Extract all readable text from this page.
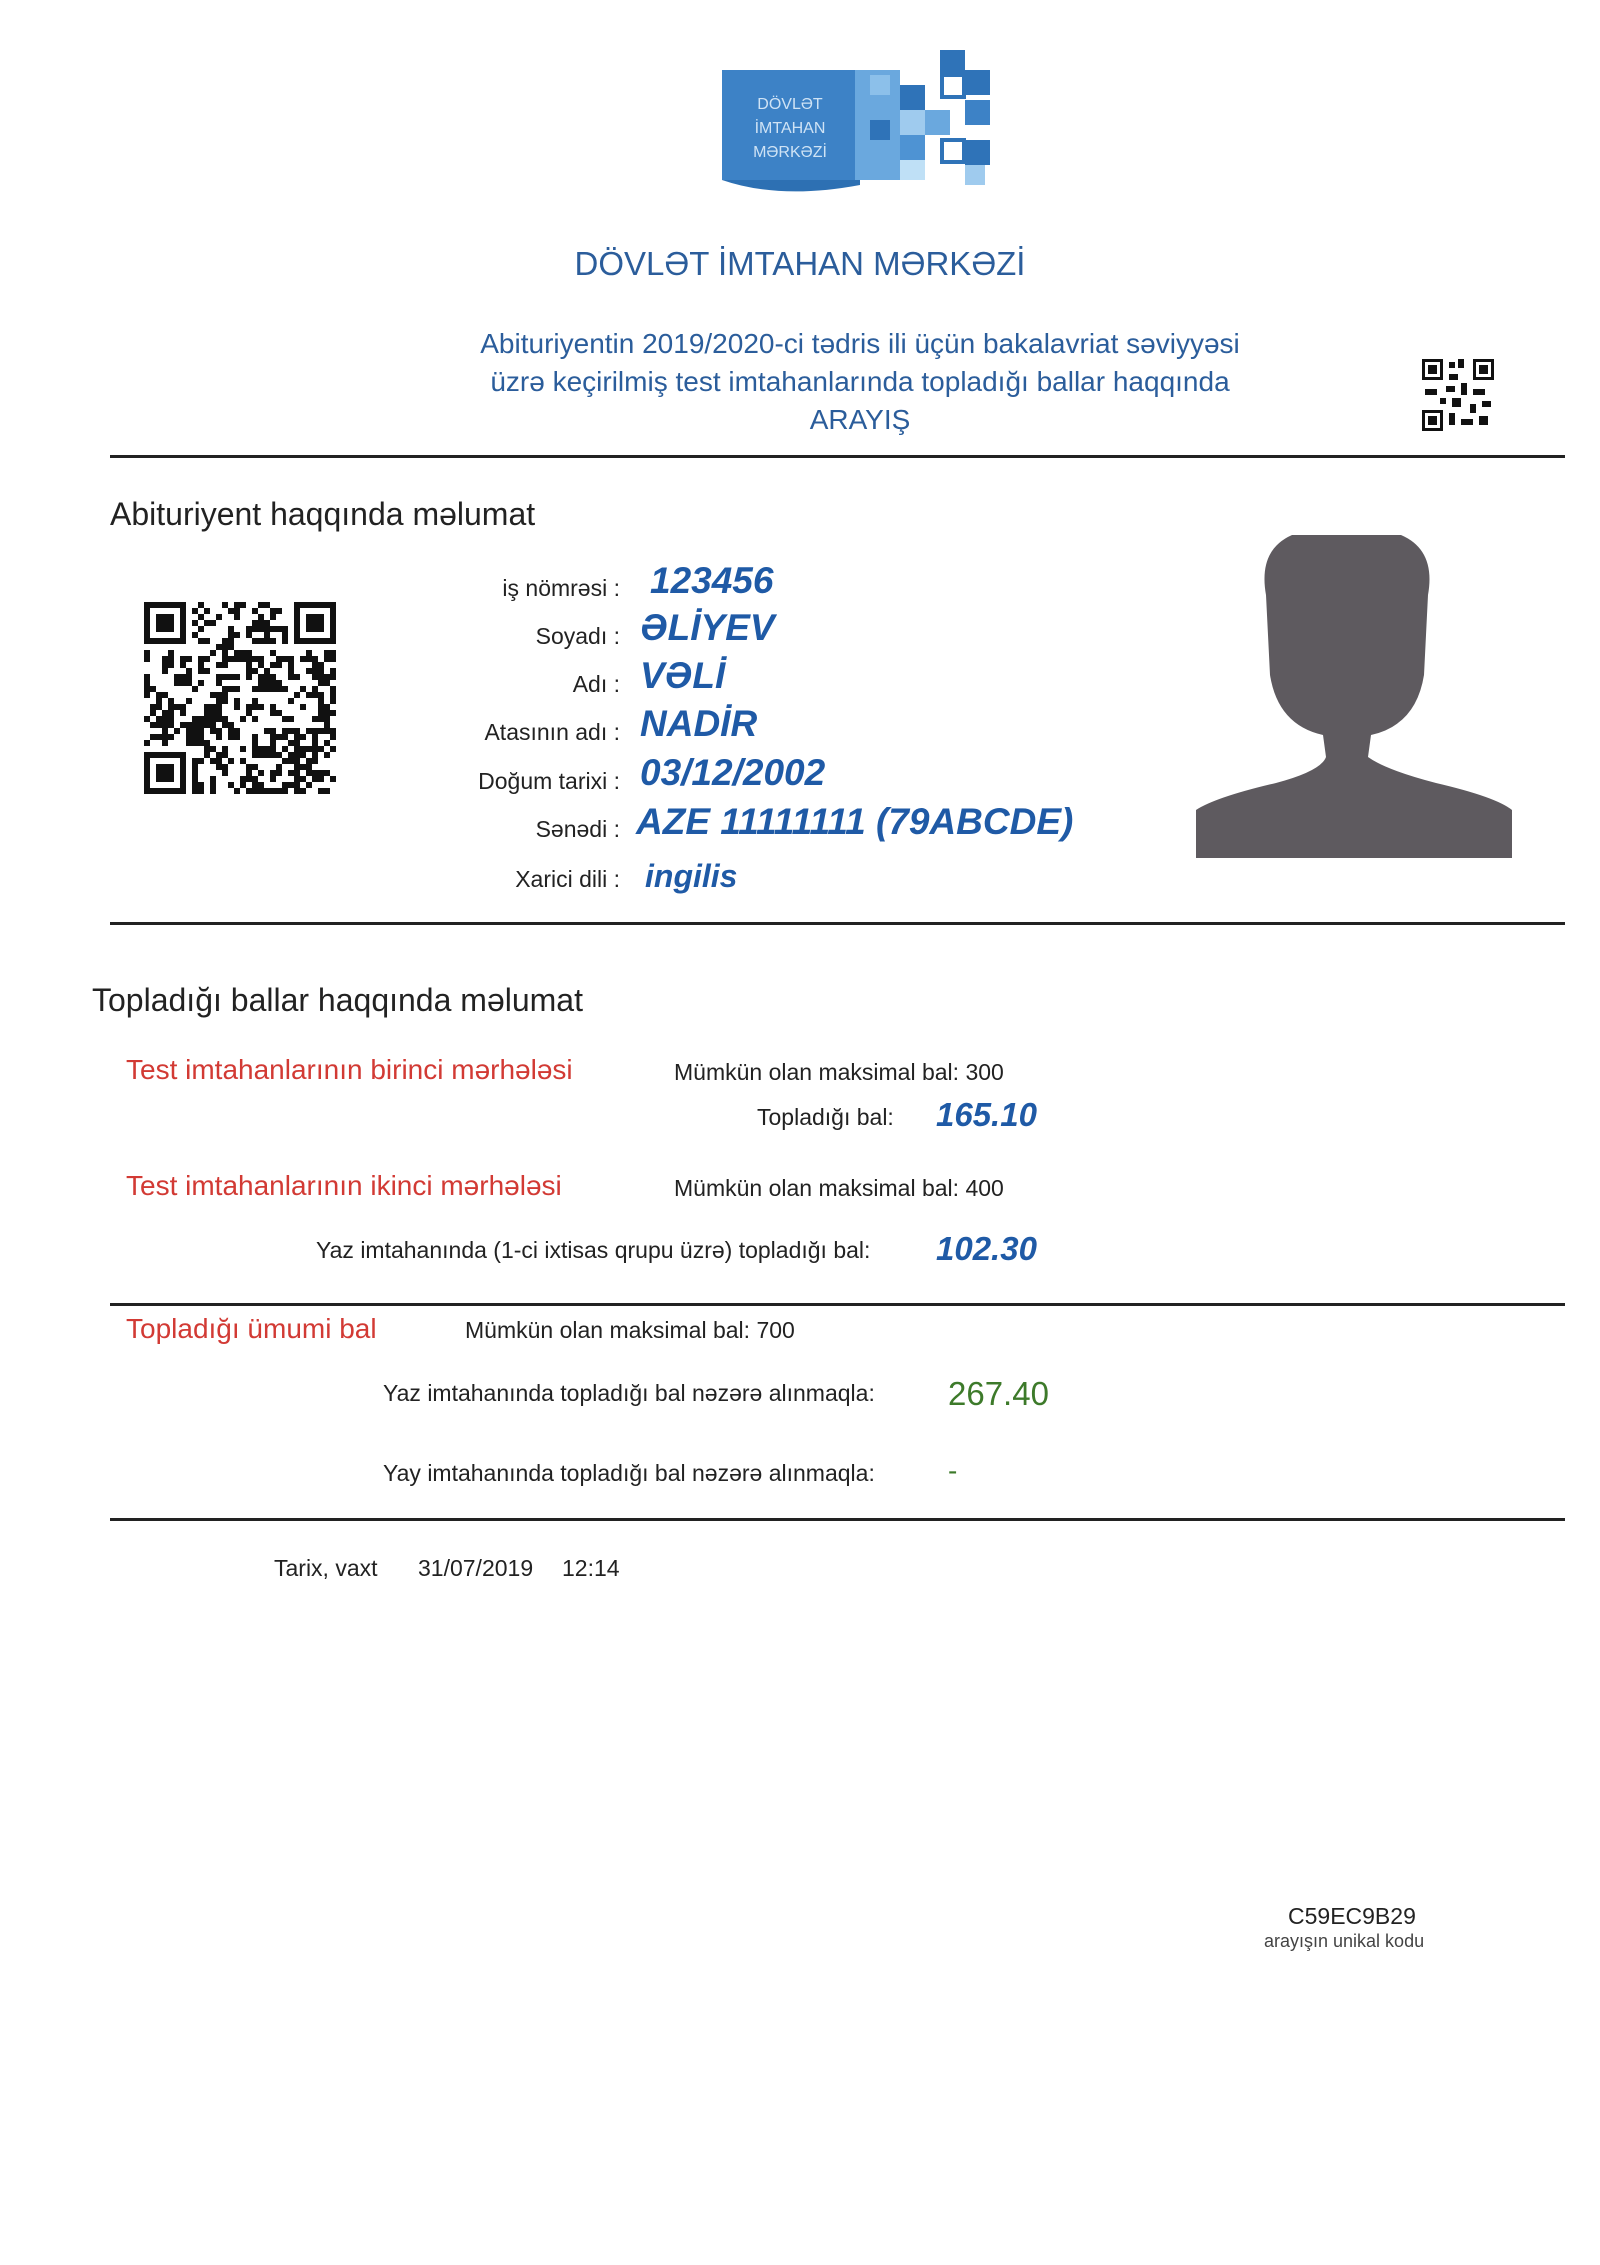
DÖVLƏT
İMTAHAN
MƏRKƏZİ
DÖVLƏT İMTAHAN MƏRKƏZİ
Abituriyentin 2019/2020-ci tədris ili üçün bakalavriat səviyyəsi
üzrə keçirilmiş test imtahanlarında topladığı ballar haqqında
ARAYIŞ
Abituriyent haqqında məlumat
iş nömrəsi : 123456
Soyadı : ƏLİYEV
Adı : VƏLİ
Atasının adı : NADİR
Doğum tarixi : 03/12/2002
Sənədi : AZE 11111111 (79ABCDE)
Xarici dili : ingilis
Topladığı ballar haqqında məlumat
Test imtahanlarının birinci mərhələsi	Mümkün olan maksimal bal: 300
Topladığı bal: 165.10
Test imtahanlarının ikinci mərhələsi	Mümkün olan maksimal bal: 400
Yaz imtahanında (1-ci ixtisas qrupu üzrə) topladığı bal: 102.30
Topladığı ümumi bal	Mümkün olan maksimal bal: 700
Yaz imtahanında topladığı bal nəzərə alınmaqla: 267.40
Yay imtahanında topladığı bal nəzərə alınmaqla:	-
Tarix, vaxt 31/07/2019 12:14
C59EC9B29
arayışın unikal kodu
